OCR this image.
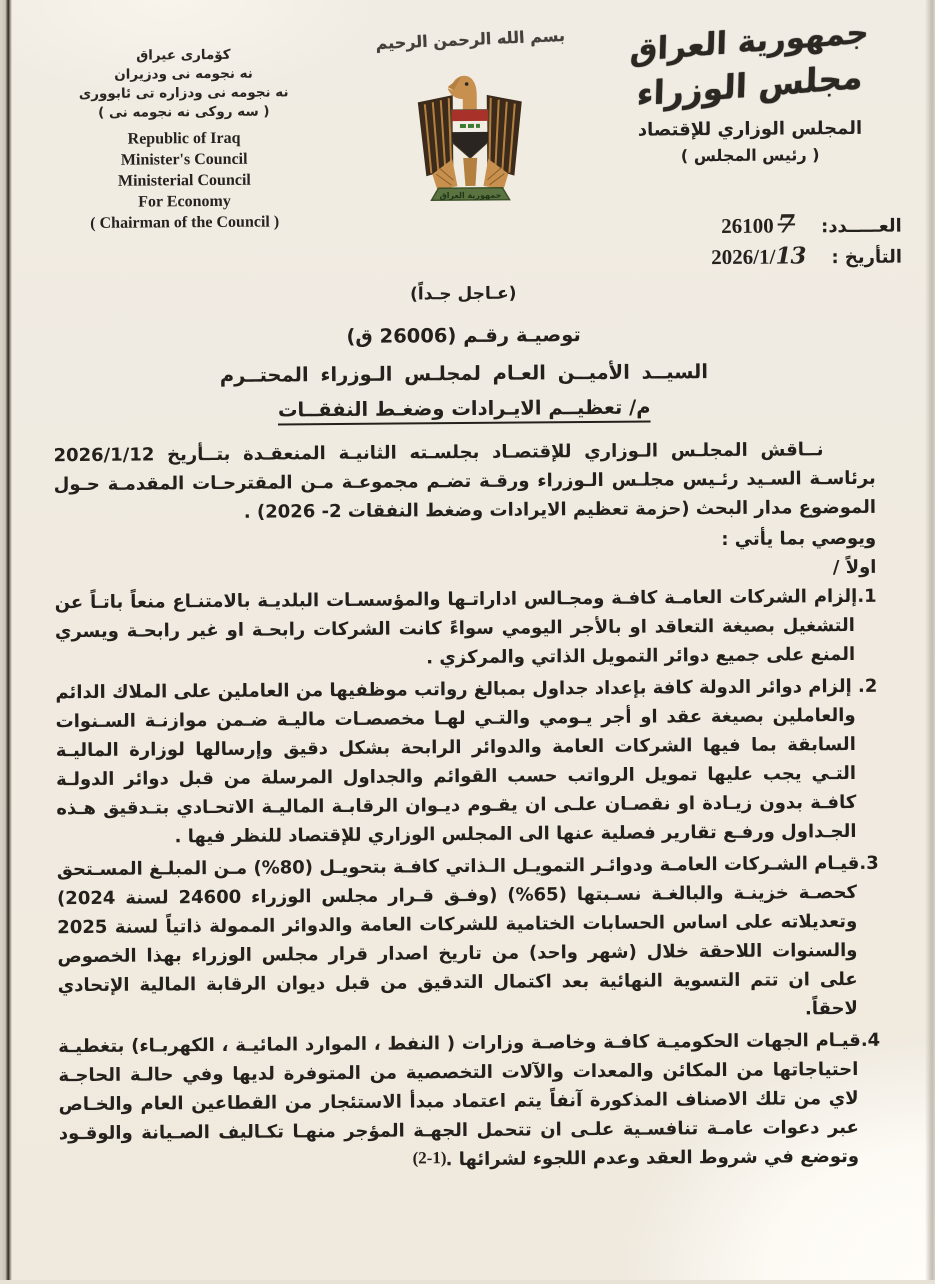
كۆمارى عيراق
نه نجومه نى ودزيران
نه نجومه نى ودزاره تى ئابوورى
( سه روكى نه نجومه نى )
Republic of Iraq
Minister's Council
Ministerial Council
For Economy
( Chairman of the Council )
بسم الله الرحمن الرحيم
جمهورية العراق
جمهورية العراق
مجلس الوزراء
المجلس الوزاري للإقتصاد
( رئيس المجلس )
العـــــدد:
26100 7
التأريخ :
2026/1/13
(عـاجل جـداً)
توصيـة رقـم (26006 ق)
السيــد الأميــن العـام لمجلـس الـوزراء المحتــرم
م/ تعظيــم الايـرادات وضغـط النفقــات

نــاقش المجلـس الـوزاري للإقتصـاد بجلسـته الثانيـة المنعقـدة بتــأريخ 2026/1/12 برئاسـة السـيد رئـيس مجلـس الـوزراء ورقـة تضـم مجموعـة مـن المقترحـات المقدمـة حـول الموضوع مدار البحث (حزمة تعظيم الايرادات وضغط النفقات 2- 2026) .

ويوصي بما يأتي :

اولاً /

1.إلزام الشركات العامـة كافـة ومجـالس اداراتـها والمؤسسـات البلديـة بالامتنـاع منعاً باتـاً عن التشغيل بصيغة التعاقد او بالأجر اليومي سواءً كانت الشركات رابحـة او غير رابحـة ويسري المنع على جميع دوائر التمويل الذاتي والمركزي .

2. إلزام دوائر الدولة كافة بإعداد جداول بمبالغ رواتب موظفيها من العاملين على الملاك الدائم والعاملين بصيغة عقد او أجر يـومي والتـي لهـا مخصصـات ماليـة ضـمن موازنـة السـنوات السابقة بما فيها الشركات العامة والدوائر الرابحة بشكل دقيق وإرسالها لوزارة الماليـة التـي يجب عليها تمويل الرواتب حسب القوائم والجداول المرسلة من قبل دوائر الدولـة كافـة بدون زيـادة او نقصـان علـى ان يقـوم ديـوان الرقابـة الماليـة الاتحـادي بتـدقيق هـذه الجـداول ورفـع تقارير فصلية عنها الى المجلس الوزاري للإقتصاد للنظر فيها .

3.قيـام الشـركات العامـة ودوائـر التمويـل الـذاتي كافـة بتحويـل (80%) مـن المبلـغ المسـتحق كحصـة خزينـة والبالغـة نسـبتها (65%) (وفـق قـرار مجلس الوزراء 24600 لسنة 2024) وتعديلاته على اساس الحسابات الختامية للشركات العامة والدوائر الممولة ذاتياً لسنة 2025 والسنوات اللاحقة خلال (شهر واحد) من تاريخ اصدار قرار مجلس الوزراء بهذا الخصوص على ان تتم التسوية النهائية بعد اكتمال التدقيق من قبل ديوان الرقابة المالية الإتحادي لاحقاً.

4.قيـام الجهات الحكوميـة كافـة وخاصـة وزارات ( النفط ، الموارد المائيـة ، الكهربـاء) بتغطيـة احتياجاتها من المكائن والمعدات والآلات التخصصية من المتوفرة لديها وفي حالـة الحاجـة لاي من تلك الاصناف المذكورة آنفاً يتم اعتماد مبدأ الاستئجار من القطاعين العام والخـاص عبر دعوات عامـة تنافسـية علـى ان تتحمل الجهـة المؤجر منهـا تكـاليف الصـيانة والوقـود وتوضع في شروط العقد وعدم اللجوء لشرائها .

(2-1)
